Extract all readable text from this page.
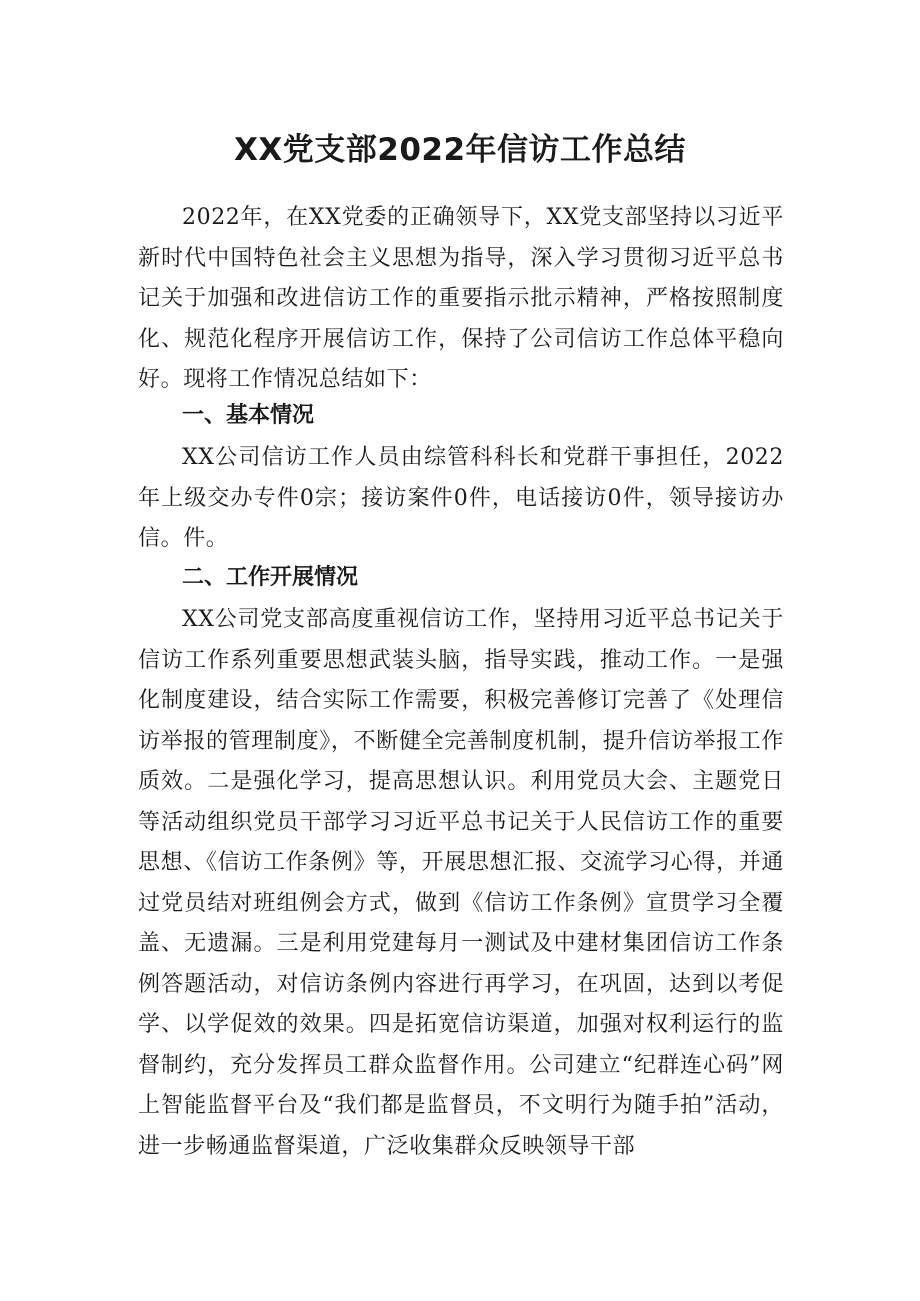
XX党支部2022年信访工作总结

2022年，在XX党委的正确领导下，XX党支部坚持以习近平新时代中国特色社会主义思想为指导，深入学习贯彻习近平总书记关于加强和改进信访工作的重要指示批示精神，严格按照制度化、规范化程序开展信访工作，保持了公司信访工作总体平稳向好。现将工作情况总结如下：

一、基本情况

XX公司信访工作人员由综管科科长和党群干事担任，2022年上级交办专件0宗；接访案件0件，电话接访0件，领导接访办信。件。

二、工作开展情况

XX公司党支部高度重视信访工作，坚持用习近平总书记关于信访工作系列重要思想武装头脑，指导实践，推动工作。一是强化制度建设，结合实际工作需要，积极完善修订完善了《处理信访举报的管理制度》，不断健全完善制度机制，提升信访举报工作质效。二是强化学习，提高思想认识。利用党员大会、主题党日等活动组织党员干部学习习近平总书记关于人民信访工作的重要思想、《信访工作条例》等，开展思想汇报、交流学习心得，并通过党员结对班组例会方式，做到《信访工作条例》宣贯学习全覆盖、无遗漏。三是利用党建每月一测试及中建材集团信访工作条例答题活动，对信访条例内容进行再学习，在巩固，达到以考促学、以学促效的效果。四是拓宽信访渠道，加强对权利运行的监督制约，充分发挥员工群众监督作用。公司建立“纪群连心码”网上智能监督平台及“我们都是监督员，不文明行为随手拍”活动，进一步畅通监督渠道，广泛收集群众反映领导干部
